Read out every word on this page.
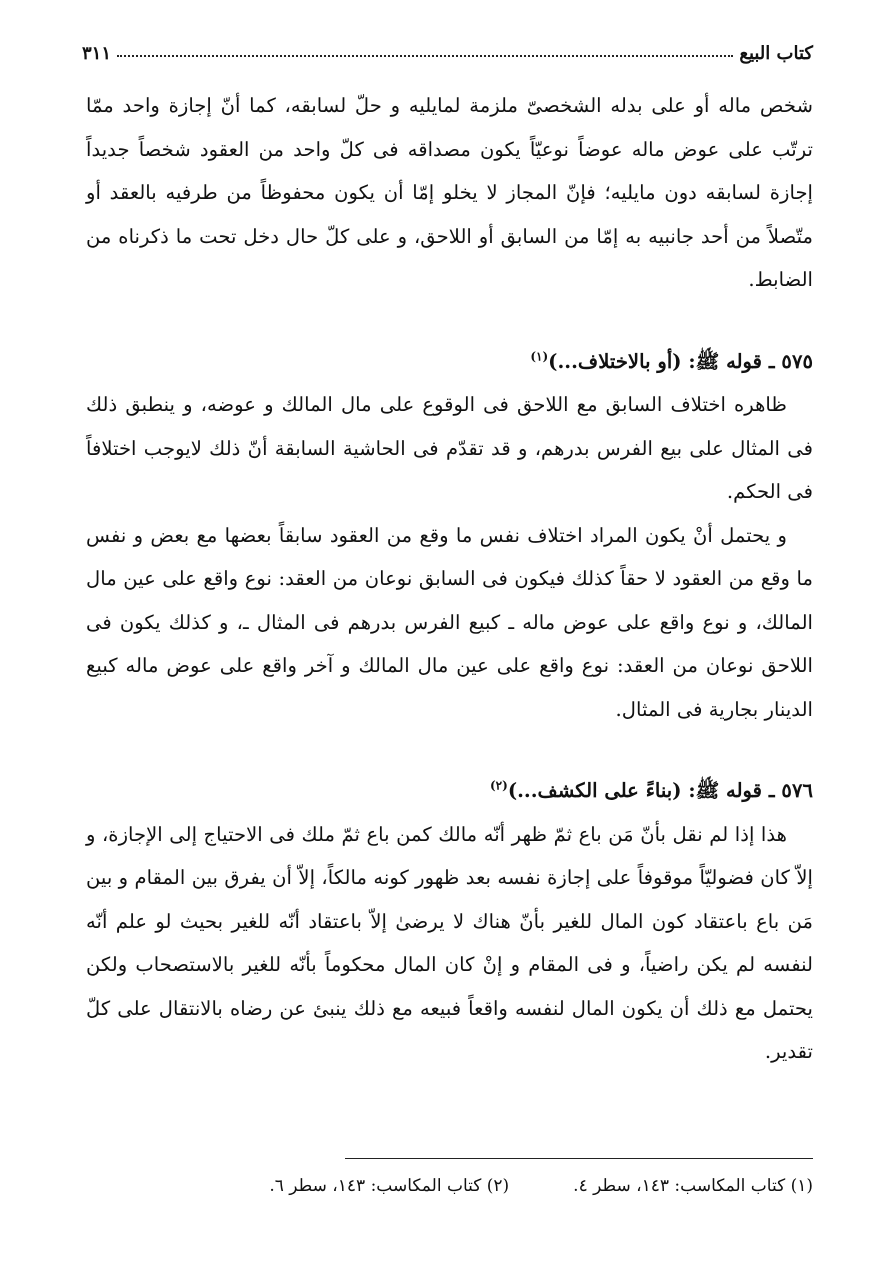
كتاب البيع
٣١١

شخص ماله أو على بدله الشخصىّ ملزمة لمايليه و حلّ لسابقه، كما أنّ إجازة واحد ممّا ترتّب على عوض ماله عوضاً نوعيّاً يكون مصداقه فى كلّ واحد من العقود شخصاً جديداً إجازة لسابقه دون مايليه؛ فإنّ المجاز لا يخلو إمّا أن يكون محفوظاً من طرفيه بالعقد أو متّصلاً من أحد جانبيه به إمّا من السابق أو اللاحق، و على كلّ حال دخل تحت ما ذكرناه من الضابط.

٥٧٥ ـ قوله ﷺ: (أو بالاختلاف...)$^{(١)}$

ظاهره اختلاف السابق مع اللاحق فى الوقوع على مال المالك و عوضه، و ينطبق ذلك فى المثال على بيع الفرس بدرهم، و قد تقدّم فى الحاشية السابقة أنّ ذلك لايوجب اختلافاً فى الحكم.

و يحتمل أنْ يكون المراد اختلاف نفس ما وقع من العقود سابقاً بعضها مع بعض و نفس ما وقع من العقود لا حقاً كذلك فيكون فى السابق نوعان من العقد: نوع واقع على عين مال المالك، و نوع واقع على عوض ماله ـ كبيع الفرس بدرهم فى المثال ـ، و كذلك يكون فى اللاحق نوعان من العقد: نوع واقع على عين مال المالك و آخر واقع على عوض ماله كبيع الدينار بجارية فى المثال.

٥٧٦ ـ قوله ﷺ: (بناءً على الكشف...)$^{(٢)}$

هذا إذا لم نقل بأنّ مَن باع ثمّ ظهر أنّه مالك كمن باع ثمّ ملك فى الاحتياج إلى الإجازة، و إلاّ كان فضوليّاً موقوفاً على إجازة نفسه بعد ظهور كونه مالكاً، إلاّ أن يفرق بين المقام و بين مَن باع باعتقاد كون المال للغير بأنّ هناك لا يرضىٰ إلاّ باعتقاد أنّه للغير بحيث لو علم أنّه لنفسه لم يكن راضياً، و فى المقام و إنْ كان المال محكوماً بأنّه للغير بالاستصحاب ولكن يحتمل مع ذلك أن يكون المال لنفسه واقعاً فبيعه مع ذلك ينبئ عن رضاه بالانتقال على كلّ تقدير.

(١) كتاب المكاسب: ١٤٣، سطر ٤.
(٢) كتاب المكاسب: ١٤٣، سطر ٦.
